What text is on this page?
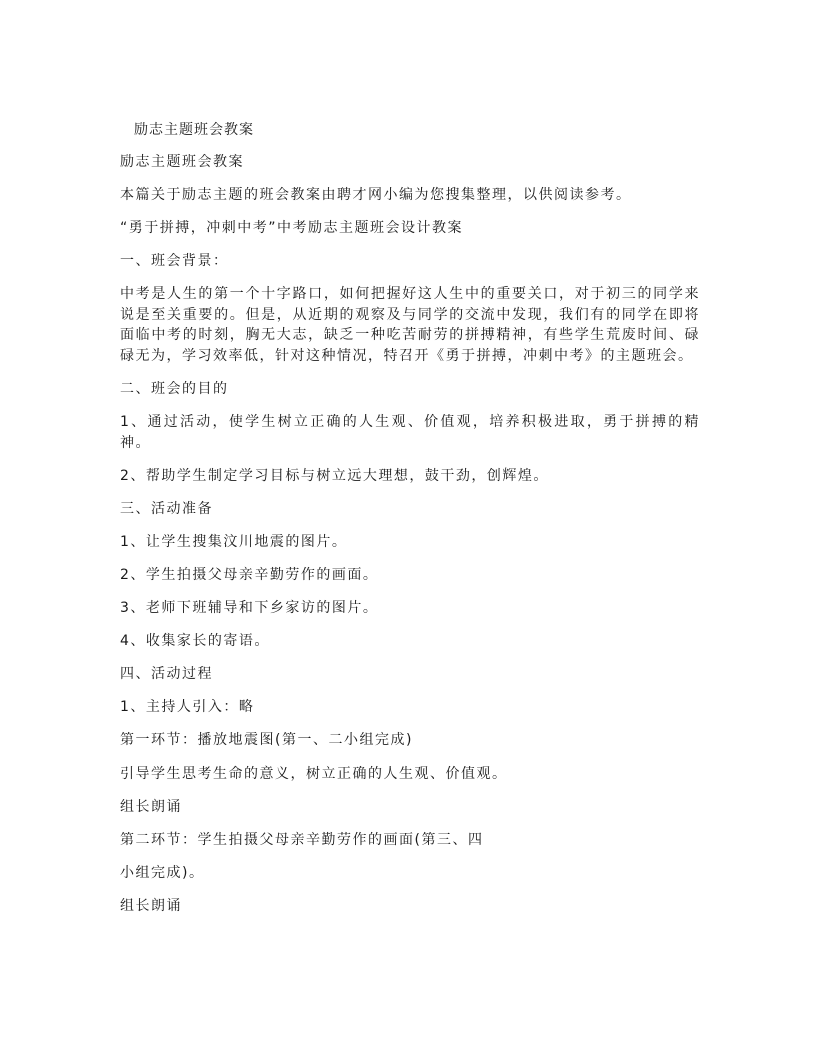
励志主题班会教案

励志主题班会教案

本篇关于励志主题的班会教案由聘才网小编为您搜集整理，以供阅读参考。

“勇于拼搏，冲刺中考”中考励志主题班会设计教案

一、班会背景：

中考是人生的第一个十字路口，如何把握好这人生中的重要关口，对于初三的同学来说是至关重要的。但是，从近期的观察及与同学的交流中发现，我们有的同学在即将面临中考的时刻，胸无大志，缺乏一种吃苦耐劳的拼搏精神，有些学生荒废时间、碌碌无为，学习效率低，针对这种情况，特召开《勇于拼搏，冲刺中考》的主题班会。

二、班会的目的

1、通过活动，使学生树立正确的人生观、价值观，培养积极进取，勇于拼搏的精神。

2、帮助学生制定学习目标与树立远大理想，鼓干劲，创辉煌。

三、活动准备

1、让学生搜集汶川地震的图片。

2、学生拍摄父母亲辛勤劳作的画面。

3、老师下班辅导和下乡家访的图片。

4、收集家长的寄语。

四、活动过程

1、主持人引入：略

第一环节：播放地震图(第一、二小组完成)

引导学生思考生命的意义，树立正确的人生观、价值观。

组长朗诵

第二环节：学生拍摄父母亲辛勤劳作的画面(第三、四

小组完成)。

组长朗诵
